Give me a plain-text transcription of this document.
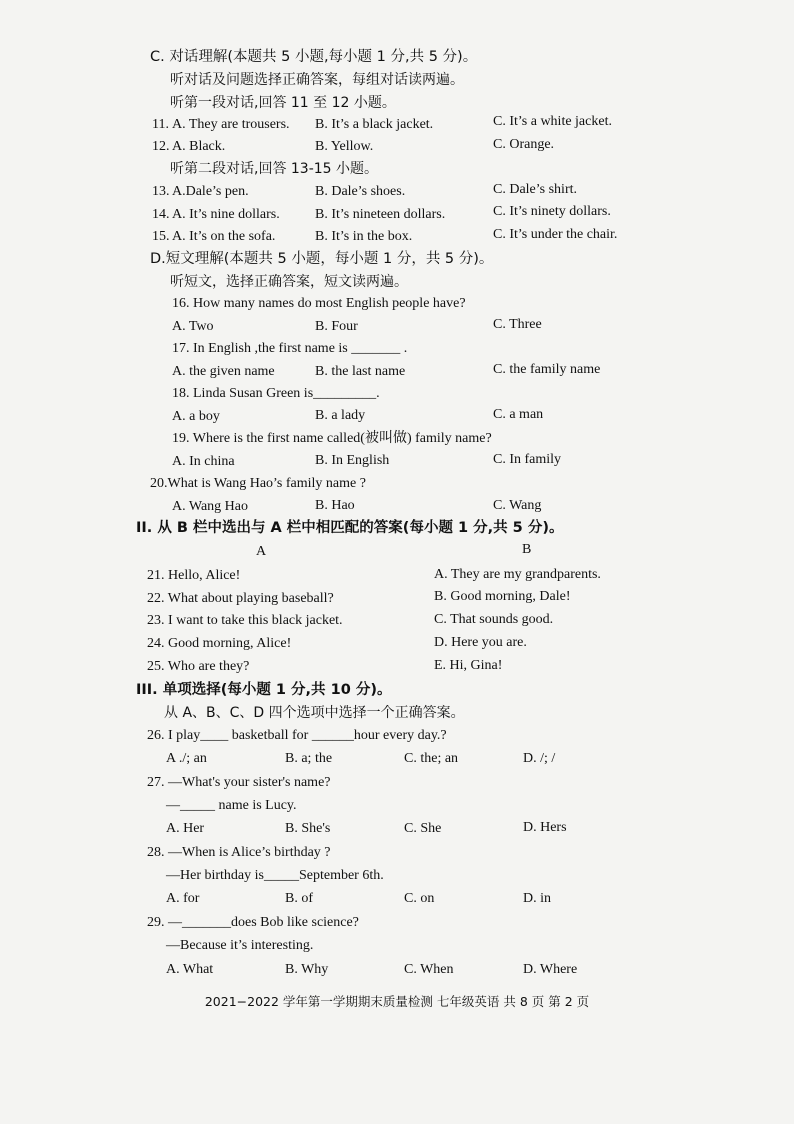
C. 对话理解(本题共 5 小题,每小题 1 分,共 5 分)。
听对话及问题选择正确答案，每组对话读两遍。
听第一段对话,回答 11 至 12 小题。
11. A. They are trousers. B. It’s a black jacket.	C. It’s a white jacket.
12. A. Black.	B. Yellow.	C. Orange.
听第二段对话,回答 13-15 小题。
13. A.Dale’s pen.	B. Dale’s shoes.	C. Dale’s shirt.
14. A. It’s nine dollars.	B. It’s nineteen dollars.	C. It’s ninety dollars.
15. A. It’s on the sofa.	B. It’s in the box.	C. It’s under the chair.
D.短文理解(本题共 5 小题，每小题 1 分，共 5 分)。
听短文，选择正确答案，短文读两遍。
16. How many names do most English people have?
A. Two	B. Four	C. Three
17. In English ,the first name is _______ .
A. the given name	B. the last name	C. the family name
18. Linda Susan Green is_________.
A. a boy	B. a lady	C. a man
19. Where is the first name called(被叫做) family name?
A. In china	B. In English	C. In family
20.What is Wang Hao’s family name ?
A. Wang Hao	B. Hao	C. Wang
II. 从 B 栏中选出与 A 栏中相匹配的答案(每小题 1 分,共 5 分)。
A	B
21. Hello, Alice!	A. They are my grandparents.
22. What about playing baseball?	B. Good morning, Dale!
23. I want to take this black jacket.	C. That sounds good.
24. Good morning, Alice!	D. Here you are.
25. Who are they?	E. Hi, Gina!
III. 单项选择(每小题 1 分,共 10 分)。
从 A、B、C、D 四个选项中选择一个正确答案。
26. I play____ basketball for ______hour every day.?
A ./; an	B. a; the	C. the; an	D. /; /
27. —What's your sister's name?
—_____ name is Lucy.
A. Her	B. She's	C. She	D. Hers
28. —When is Alice’s birthday ?
—Her birthday is_____September 6th.
A. for	B. of	C. on	D. in
29. —_______does Bob like science?
—Because it’s interesting.
A. What	B. Why	C. When	D. Where
2021−2022 学年第一学期期末质量检测 七年级英语 共 8 页 第 2 页
